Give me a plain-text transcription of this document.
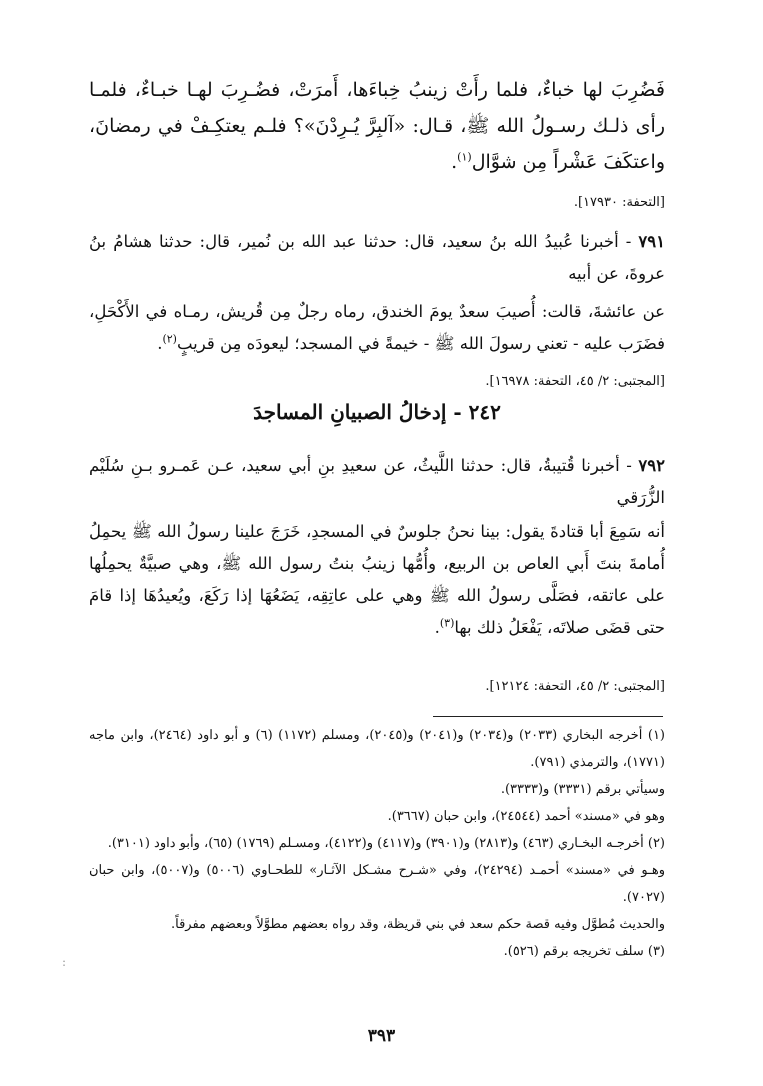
فَضُرِبَ لها خباءٌ، فلما رأَتْ زينبُ خِباءَها، أَمرَتْ، فضُـرِبَ لهـا خبـاءٌ، فلمـا رأى ذلـك رسـولُ الله ﷺ، قـال: «آلبِرَّ يُـرِدْنَ»؟ فلـم يعتكِـفْ في رمضانَ، واعتكَفَ عَشْراً مِن شوَّال$^{(١)}$.

[التحفة: ١٧٩٣٠].

٧٩١ - أخبرنا عُبيدُ الله بنُ سعيد، قال: حدثنا عبد الله بن نُمير، قال: حدثنا هشامُ بنُ عروةَ، عن أبيه

عن عائشةَ، قالت: أُصيبَ سعدٌ يومَ الخندق، رماه رجلٌ مِن قُريش، رمـاه في الأَكْحَلِ، فضَرَب عليه - تعني رسولَ الله ﷺ - خيمةً في المسجد؛ ليعودَه مِن قريبٍ$^{(٢)}$.

[المجتبى: ٢/ ٤٥، التحفة: ١٦٩٧٨].
٢٤٢ - إدخالُ الصبيانِ المساجدَ

٧٩٢ - أخبرنا قُتيبةُ، قال: حدثنا اللَّيثُ، عن سعيدِ بنِ أبي سعيد، عـن عَمـرو بـنِ سُلَيْم الزُّرَقي

أنه سَمِعَ أبا قتادةَ يقول: بينا نحنُ جلوسٌ في المسجدِ، خَرَجَ علينا رسولُ الله ﷺ يحمِلُ أُمامةَ بنتَ أَبي العاص بن الربيع، وأُمُّها زينبُ بنتُ رسول الله ﷺ، وهي صبيَّةٌ يحمِلُها على عاتقه، فصَلَّى رسولُ الله ﷺ وهي على عاتِقِه، يَضَعُهَا إذا رَكَعَ، ويُعيدُهَا إذا قامَ حتى قضَى صلاتَه، يَفْعَلُ ذلك بها$^{(٣)}$.

[المجتبى: ٢/ ٤٥، التحفة: ١٢١٢٤].

(١) أخرجه البخاري (٢٠٣٣) و(٢٠٣٤) و(٢٠٤١) و(٢٠٤٥)، ومسلم (١١٧٢) (٦) و أبو داود (٢٤٦٤)، وابن ماجه (١٧٧١)، والترمذي (٧٩١).

وسيأتي برقم (٣٣٣١) و(٣٣٣٣).

وهو في «مسند» أحمد (٢٤٥٤٤)، وابن حبان (٣٦٦٧).

(٢) أخرجـه البخـاري (٤٦٣) و(٢٨١٣) و(٣٩٠١) و(٤١١٧) و(٤١٢٢)، ومسـلم (١٧٦٩) (٦٥)، وأبو داود (٣١٠١).

وهـو في «مسند» أحمـد (٢٤٢٩٤)، وفي «شـرح مشـكل الآثـار» للطحـاوي (٥٠٠٦) و(٥٠٠٧)، وابن حبان (٧٠٢٧).

والحديث مُطوَّل وفيه قصة حكم سعد في بني قريظة، وقد رواه بعضهم مطوَّلاً وبعضهم مفرقاً.

(٣) سلف تخريجه برقم (٥٢٦).

:
٣٩٣
